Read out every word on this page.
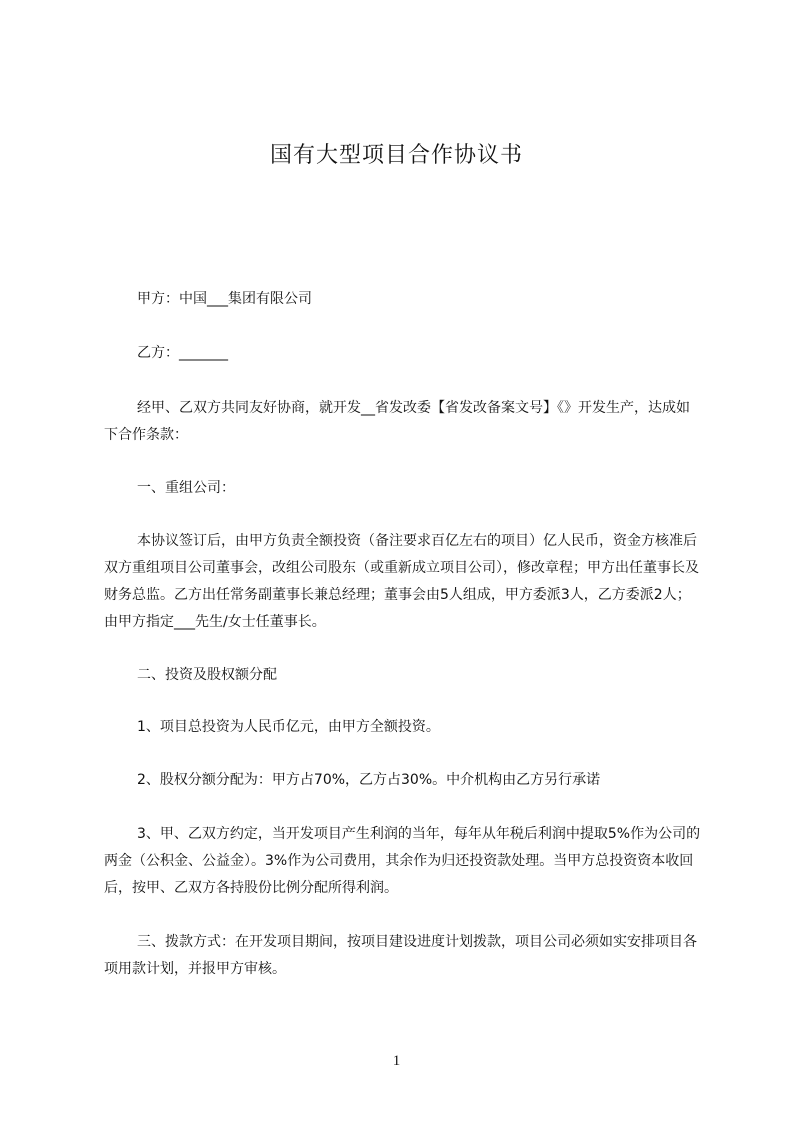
国有大型项目合作协议书
甲方：中国___集团有限公司
乙方：_______
经甲、乙双方共同友好协商，就开发__省发改委【省发改备案文号】《》开发生产，达成如下合作条款：
一、重组公司：
本协议签订后，由甲方负责全额投资（备注要求百亿左右的项目）亿人民币，资金方核准后双方重组项目公司董事会，改组公司股东（或重新成立项目公司），修改章程；甲方出任董事长及财务总监。乙方出任常务副董事长兼总经理；董事会由5人组成，甲方委派3人，乙方委派2人；由甲方指定___先生/女士任董事长。
二、投资及股权额分配
1、项目总投资为人民币亿元，由甲方全额投资。
2、股权分额分配为：甲方占70%，乙方占30%。中介机构由乙方另行承诺
3、甲、乙双方约定，当开发项目产生利润的当年，每年从年税后利润中提取5%作为公司的两金（公积金、公益金）。3%作为公司费用，其余作为归还投资款处理。当甲方总投资资本收回后，按甲、乙双方各持股份比例分配所得利润。
三、拨款方式：在开发项目期间，按项目建设进度计划拨款，项目公司必须如实安排项目各项用款计划，并报甲方审核。
1
